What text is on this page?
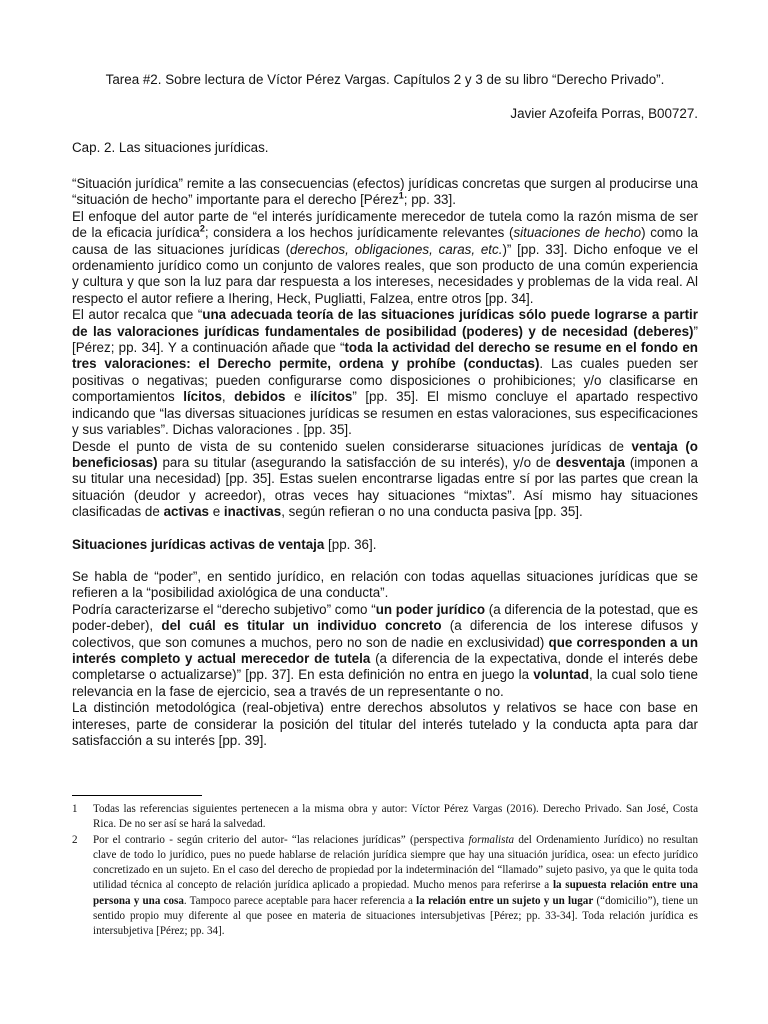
Tarea #2. Sobre lectura de Víctor Pérez Vargas. Capítulos 2 y 3 de su libro “Derecho Privado”.
Javier Azofeifa Porras, B00727.
Cap. 2. Las situaciones jurídicas.

“Situación jurídica” remite a las consecuencias (efectos) jurídicas concretas que surgen al producirse una “situación de hecho” importante para el derecho [Pérez$^1$; pp. 33].

El enfoque del autor parte de “el interés jurídicamente merecedor de tutela como la razón misma de ser de la eficacia jurídica$^2$; considera a los hechos jurídicamente relevantes (situaciones de hecho) como la causa de las situaciones jurídicas (derechos, obligaciones, caras, etc.)” [pp. 33]. Dicho enfoque ve el ordenamiento jurídico como un conjunto de valores reales, que son producto de una común experiencia y cultura y que son la luz para dar respuesta a los intereses, necesidades y problemas de la vida real. Al respecto el autor refiere a Ihering, Heck, Pugliatti, Falzea, entre otros [pp. 34].

El autor recalca que “una adecuada teoría de las situaciones jurídicas sólo puede lograrse a partir de las valoraciones jurídicas fundamentales de posibilidad (poderes) y de necesidad (deberes)” [Pérez; pp. 34]. Y a continuación añade que “toda la actividad del derecho se resume en el fondo en tres valoraciones: el Derecho permite, ordena y prohíbe (conductas). Las cuales pueden ser positivas o negativas; pueden configurarse como disposiciones o prohibiciones; y/o clasificarse en comportamientos lícitos, debidos e ilícitos” [pp. 35]. El mismo concluye el apartado respectivo indicando que “las diversas situaciones jurídicas se resumen en estas valoraciones, sus especificaciones y sus variables”. Dichas valoraciones . [pp. 35].

Desde el punto de vista de su contenido suelen considerarse situaciones jurídicas de ventaja (o beneficiosas) para su titular (asegurando la satisfacción de su interés), y/o de desventaja (imponen a su titular una necesidad) [pp. 35]. Estas suelen encontrarse ligadas entre sí por las partes que crean la situación (deudor y acreedor), otras veces hay situaciones “mixtas”. Así mismo hay situaciones clasificadas de activas e inactivas, según refieran o no una conducta pasiva [pp. 35].

Situaciones jurídicas activas de ventaja [pp. 36].

Se habla de “poder”, en sentido jurídico, en relación con todas aquellas situaciones jurídicas que se refieren a la “posibilidad axiológica de una conducta”.

Podría caracterizarse el “derecho subjetivo” como “un poder jurídico (a diferencia de la potestad, que es poder-deber), del cuál es titular un individuo concreto (a diferencia de los interese difusos y colectivos, que son comunes a muchos, pero no son de nadie en exclusividad) que corresponden a un interés completo y actual merecedor de tutela (a diferencia de la expectativa, donde el interés debe completarse o actualizarse)” [pp. 37]. En esta definición no entra en juego la voluntad, la cual solo tiene relevancia en la fase de ejercicio, sea a través de un representante o no.

La distinción metodológica (real-objetiva) entre derechos absolutos y relativos se hace con base en intereses, parte de considerar la posición del titular del interés tutelado y la conducta apta para dar satisfacción a su interés [pp. 39].

1	Todas las referencias siguientes pertenecen a la misma obra y autor: Víctor Pérez Vargas (2016). Derecho Privado. San José, Costa Rica. De no ser así se hará la salvedad.
2	Por el contrario - según criterio del autor- “las relaciones jurídicas” (perspectiva formalista del Ordenamiento Jurídico) no resultan clave de todo lo jurídico, pues no puede hablarse de relación jurídica siempre que hay una situación jurídica, osea: un efecto jurídico concretizado en un sujeto. En el caso del derecho de propiedad por la indeterminación del “llamado” sujeto pasivo, ya que le quita toda utilidad técnica al concepto de relación jurídica aplicado a propiedad. Mucho menos para referirse a la supuesta relación entre una persona y una cosa. Tampoco parece aceptable para hacer referencia a la relación entre un sujeto y un lugar (“domicilio”), tiene un sentido propio muy diferente al que posee en materia de situaciones intersubjetivas [Pérez; pp. 33-34]. Toda relación jurídica es intersubjetiva [Pérez; pp. 34].
